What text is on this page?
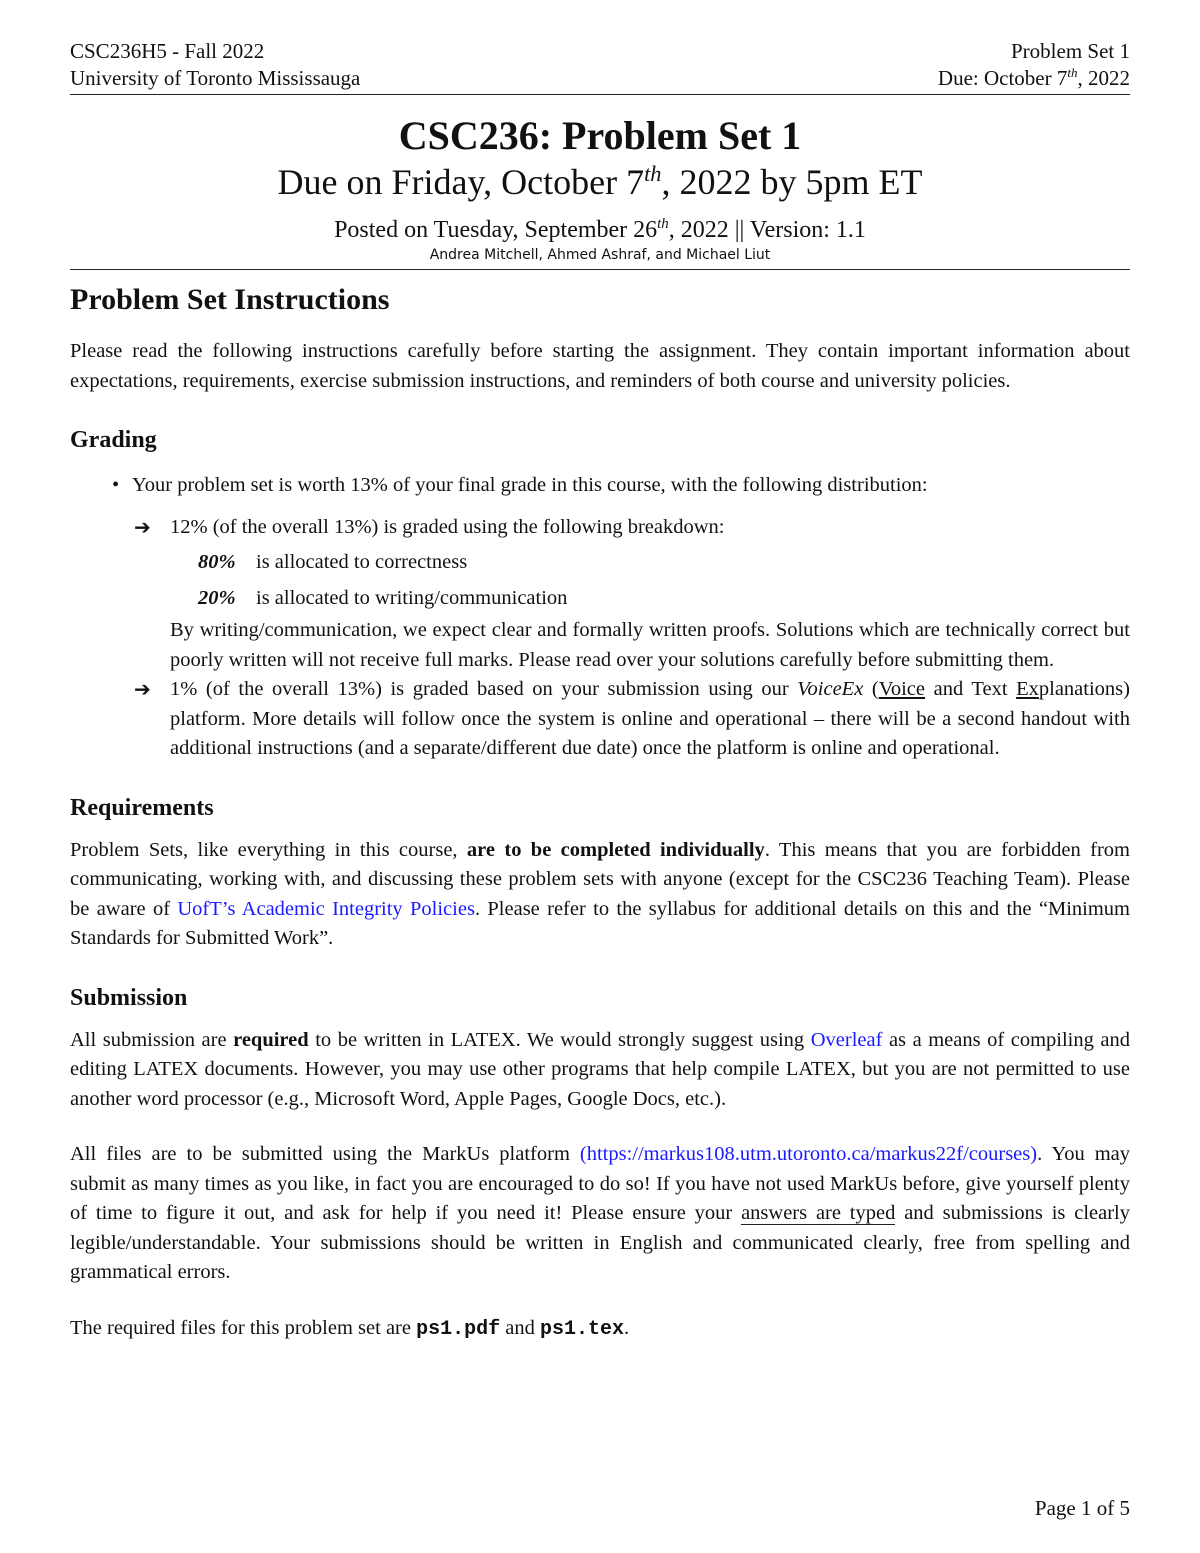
CSC236H5 - Fall 2022
University of Toronto Mississauga
Problem Set 1
Due: October 7th, 2022
CSC236: Problem Set 1
Due on Friday, October 7th, 2022 by 5pm ET
Posted on Tuesday, September 26th, 2022 || Version: 1.1
Andrea Mitchell, Ahmed Ashraf, and Michael Liut
Problem Set Instructions

Please read the following instructions carefully before starting the assignment. They contain important information about expectations, requirements, exercise submission instructions, and reminders of both course and university policies.

Grading
• Your problem set is worth 13% of your final grade in this course, with the following distribution:
➔ 12% (of the overall 13%) is graded using the following breakdown:
80% is allocated to correctness
20% is allocated to writing/communication

By writing/communication, we expect clear and formally written proofs. Solutions which are technically correct but poorly written will not receive full marks. Please read over your solutions carefully before submitting them.

➔ 1% (of the overall 13%) is graded based on your submission using our VoiceEx (Voice and Text Explanations) platform. More details will follow once the system is online and operational – there will be a second handout with additional instructions (and a separate/different due date) once the platform is online and operational.

Requirements

Problem Sets, like everything in this course, are to be completed individually. This means that you are forbidden from communicating, working with, and discussing these problem sets with anyone (except for the CSC236 Teaching Team). Please be aware of UofT’s Academic Integrity Policies. Please refer to the syllabus for additional details on this and the “Minimum Standards for Submitted Work”.

Submission

All submission are required to be written in LATEX. We would strongly suggest using Overleaf as a means of compiling and editing LATEX documents. However, you may use other programs that help compile LATEX, but you are not permitted to use another word processor (e.g., Microsoft Word, Apple Pages, Google Docs, etc.).

All files are to be submitted using the MarkUs platform (https://markus108.utm.utoronto.ca/markus22f/courses). You may submit as many times as you like, in fact you are encouraged to do so! If you have not used MarkUs before, give yourself plenty of time to figure it out, and ask for help if you need it! Please ensure your answers are typed and submissions is clearly legible/understandable. Your submissions should be written in English and communicated clearly, free from spelling and grammatical errors.

The required files for this problem set are ps1.pdf and ps1.tex.

Page 1 of 5
